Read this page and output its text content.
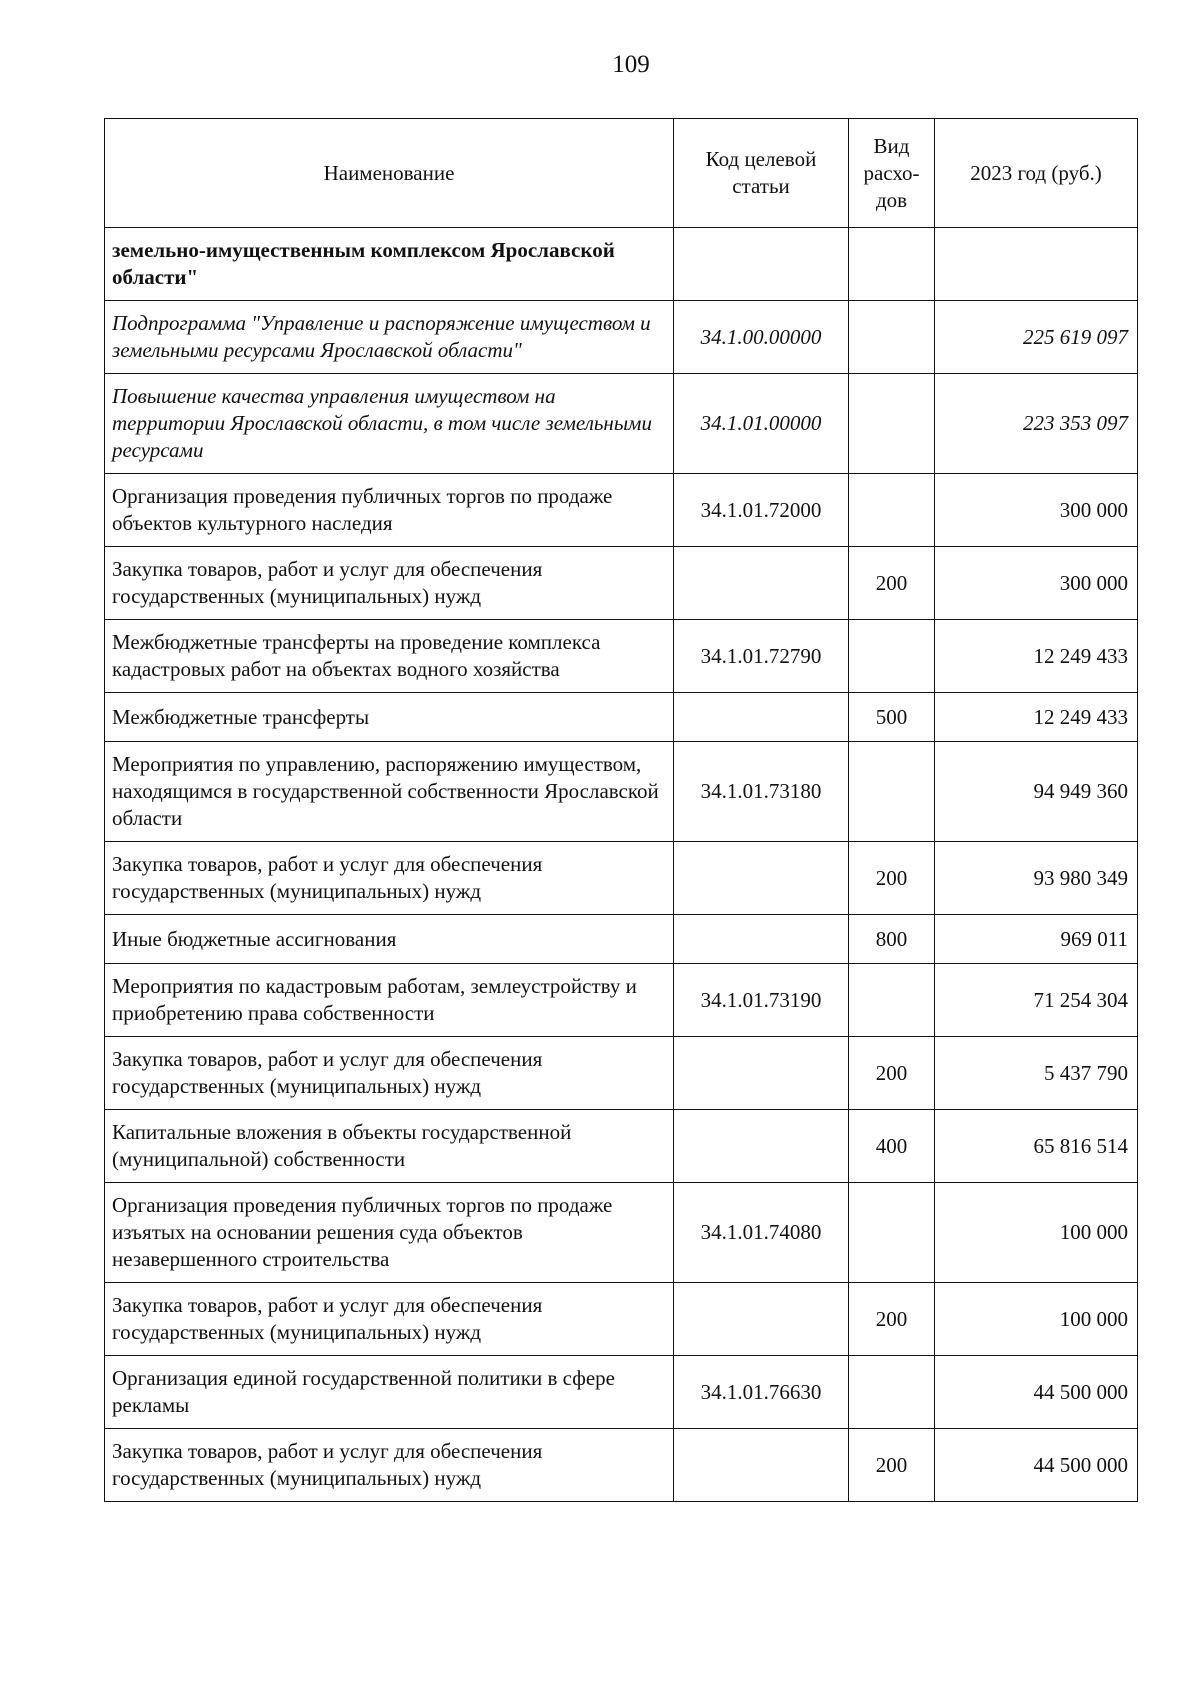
109
Наименование	Код целевой статьи	Вид расхо-дов	2023 год (руб.)
земельно-имущественным комплексом Ярославской области"			
Подпрограмма "Управление и распоряжение имуществом и земельными ресурсами Ярославской области"	34.1.00.00000		225 619 097
Повышение качества управления имуществом на территории Ярославской области, в том числе земельными ресурсами	34.1.01.00000		223 353 097
Организация проведения публичных торгов по продаже объектов культурного наследия	34.1.01.72000		300 000
Закупка товаров, работ и услуг для обеспечения государственных (муниципальных) нужд		200	300 000
Межбюджетные трансферты на проведение комплекса кадастровых работ на объектах водного хозяйства	34.1.01.72790		12 249 433
Межбюджетные трансферты		500	12 249 433
Мероприятия по управлению, распоряжению имуществом, находящимся в государственной собственности Ярославской области	34.1.01.73180		94 949 360
Закупка товаров, работ и услуг для обеспечения государственных (муниципальных) нужд		200	93 980 349
Иные бюджетные ассигнования		800	969 011
Мероприятия по кадастровым работам, землеустройству и приобретению права собственности	34.1.01.73190		71 254 304
Закупка товаров, работ и услуг для обеспечения государственных (муниципальных) нужд		200	5 437 790
Капитальные вложения в объекты государственной (муниципальной) собственности		400	65 816 514
Организация проведения публичных торгов по продаже изъятых на основании решения суда объектов незавершенного строительства	34.1.01.74080		100 000
Закупка товаров, работ и услуг для обеспечения государственных (муниципальных) нужд		200	100 000
Организация единой государственной политики в сфере рекламы	34.1.01.76630		44 500 000
Закупка товаров, работ и услуг для обеспечения государственных (муниципальных) нужд		200	44 500 000
